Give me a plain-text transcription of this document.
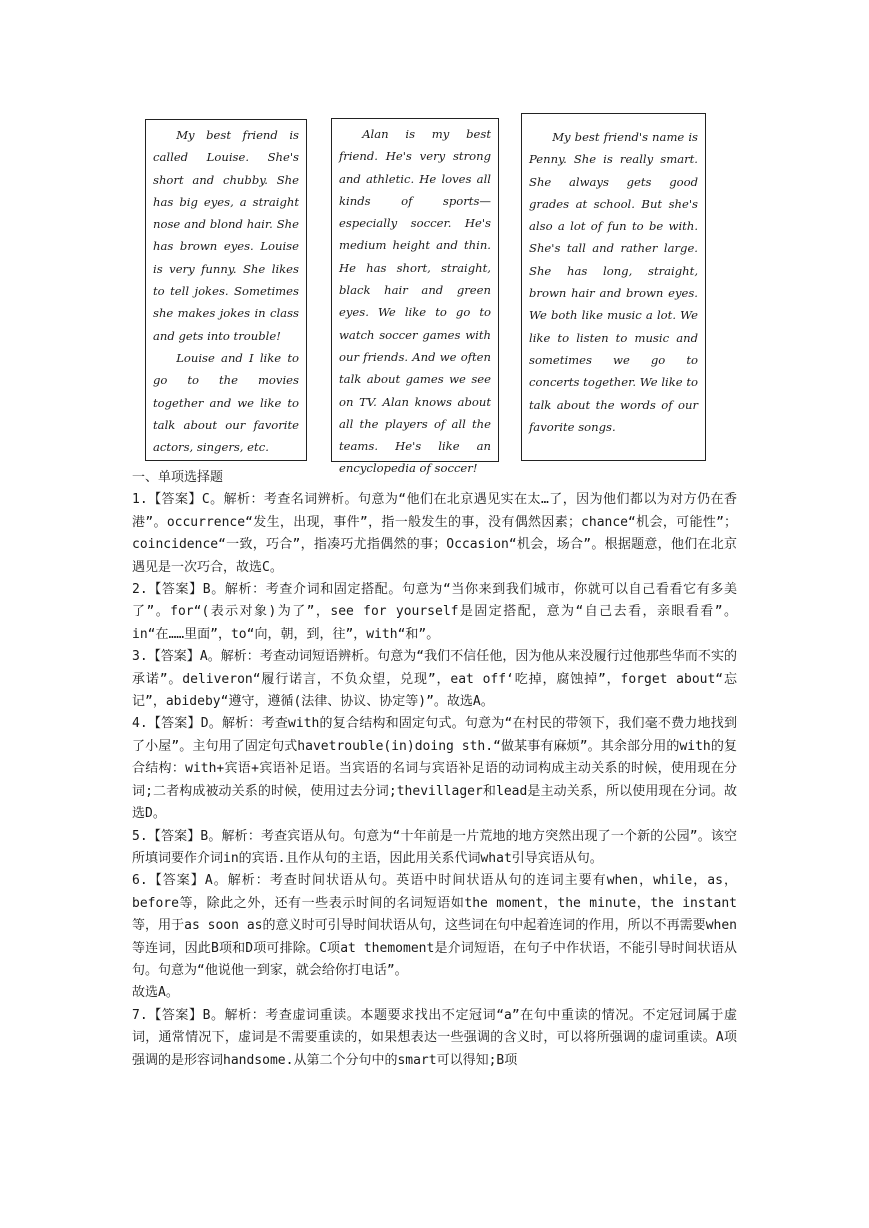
My best friend is called Louise. She's short and chubby. She has big eyes, a straight nose and blond hair. She has brown eyes. Louise is very funny. She likes to tell jokes. Sometimes she makes jokes in class and gets into trouble!

Louise and I like to go to the movies together and we like to talk about our favorite actors, singers, etc.

Alan is my best friend. He's very strong and athletic. He loves all kinds of sports—especially soccer. He's medium height and thin. He has short, straight, black hair and green eyes. We like to go to watch soccer games with our friends. And we often talk about games we see on TV. Alan knows about all the players of all the teams. He's like an encyclopedia of soccer!

My best friend's name is Penny. She is really smart. She always gets good grades at school. But she's also a lot of fun to be with. She's tall and rather large. She has long, straight, brown hair and brown eyes. We both like music a lot. We like to listen to music and sometimes we go to concerts together. We like to talk about the words of our favorite songs.

一、单项选择题

1.【答案】C。解析：考查名词辨析。句意为“他们在北京遇见实在太…了，因为他们都以为对方仍在香港”。occurrence“发生，出现，事件”，指一般发生的事，没有偶然因素；chance“机会，可能性”；coincidence“一致，巧合”，指凑巧尤指偶然的事；Occasion“机会，场合”。根据题意，他们在北京遇见是一次巧合，故选C。

2.【答案】B。解析：考查介词和固定搭配。句意为“当你来到我们城市，你就可以自己看看它有多美了”。for“(表示对象)为了”，see for yourself是固定搭配，意为“自己去看，亲眼看看”。in“在……里面”，to“向，朝，到，往”，with“和”。

3.【答案】A。解析：考查动词短语辨析。句意为“我们不信任他，因为他从来没履行过他那些华而不实的承诺”。deliveron“履行诺言，不负众望，兑现”，eat off‘吃掉，腐蚀掉”，forget about“忘记”，abideby“遵守，遵循(法律、协议、协定等)”。故选A。

4.【答案】D。解析：考查with的复合结构和固定句式。句意为“在村民的带领下，我们毫不费力地找到了小屋”。主句用了固定句式havetrouble(in)doing sth.“做某事有麻烦”。其余部分用的with的复合结构：with+宾语+宾语补足语。当宾语的名词与宾语补足语的动词构成主动关系的时候，使用现在分词;二者构成被动关系的时候，使用过去分词;thevillager和lead是主动关系，所以使用现在分词。故选D。

5.【答案】B。解析：考查宾语从句。句意为“十年前是一片荒地的地方突然出现了一个新的公园”。该空所填词要作介词in的宾语.且作从句的主语，因此用关系代词what引导宾语从句。

6.【答案】A。解析：考查时间状语从句。英语中时间状语从句的连词主要有when，while，as，before等，除此之外，还有一些表示时间的名词短语如the moment，the minute，the instant等，用于as soon as的意义时可引导时间状语从句，这些词在句中起着连词的作用，所以不再需要when等连词，因此B项和D项可排除。C项at themoment是介词短语，在句子中作状语，不能引导时间状语从句。句意为“他说他一到家，就会给你打电话”。

故选A。

7.【答案】B。解析：考查虚词重读。本题要求找出不定冠词“a”在句中重读的情况。不定冠词属于虚词，通常情况下，虚词是不需要重读的，如果想表达一些强调的含义时，可以将所强调的虚词重读。A项强调的是形容词handsome.从第二个分句中的smart可以得知;B项
